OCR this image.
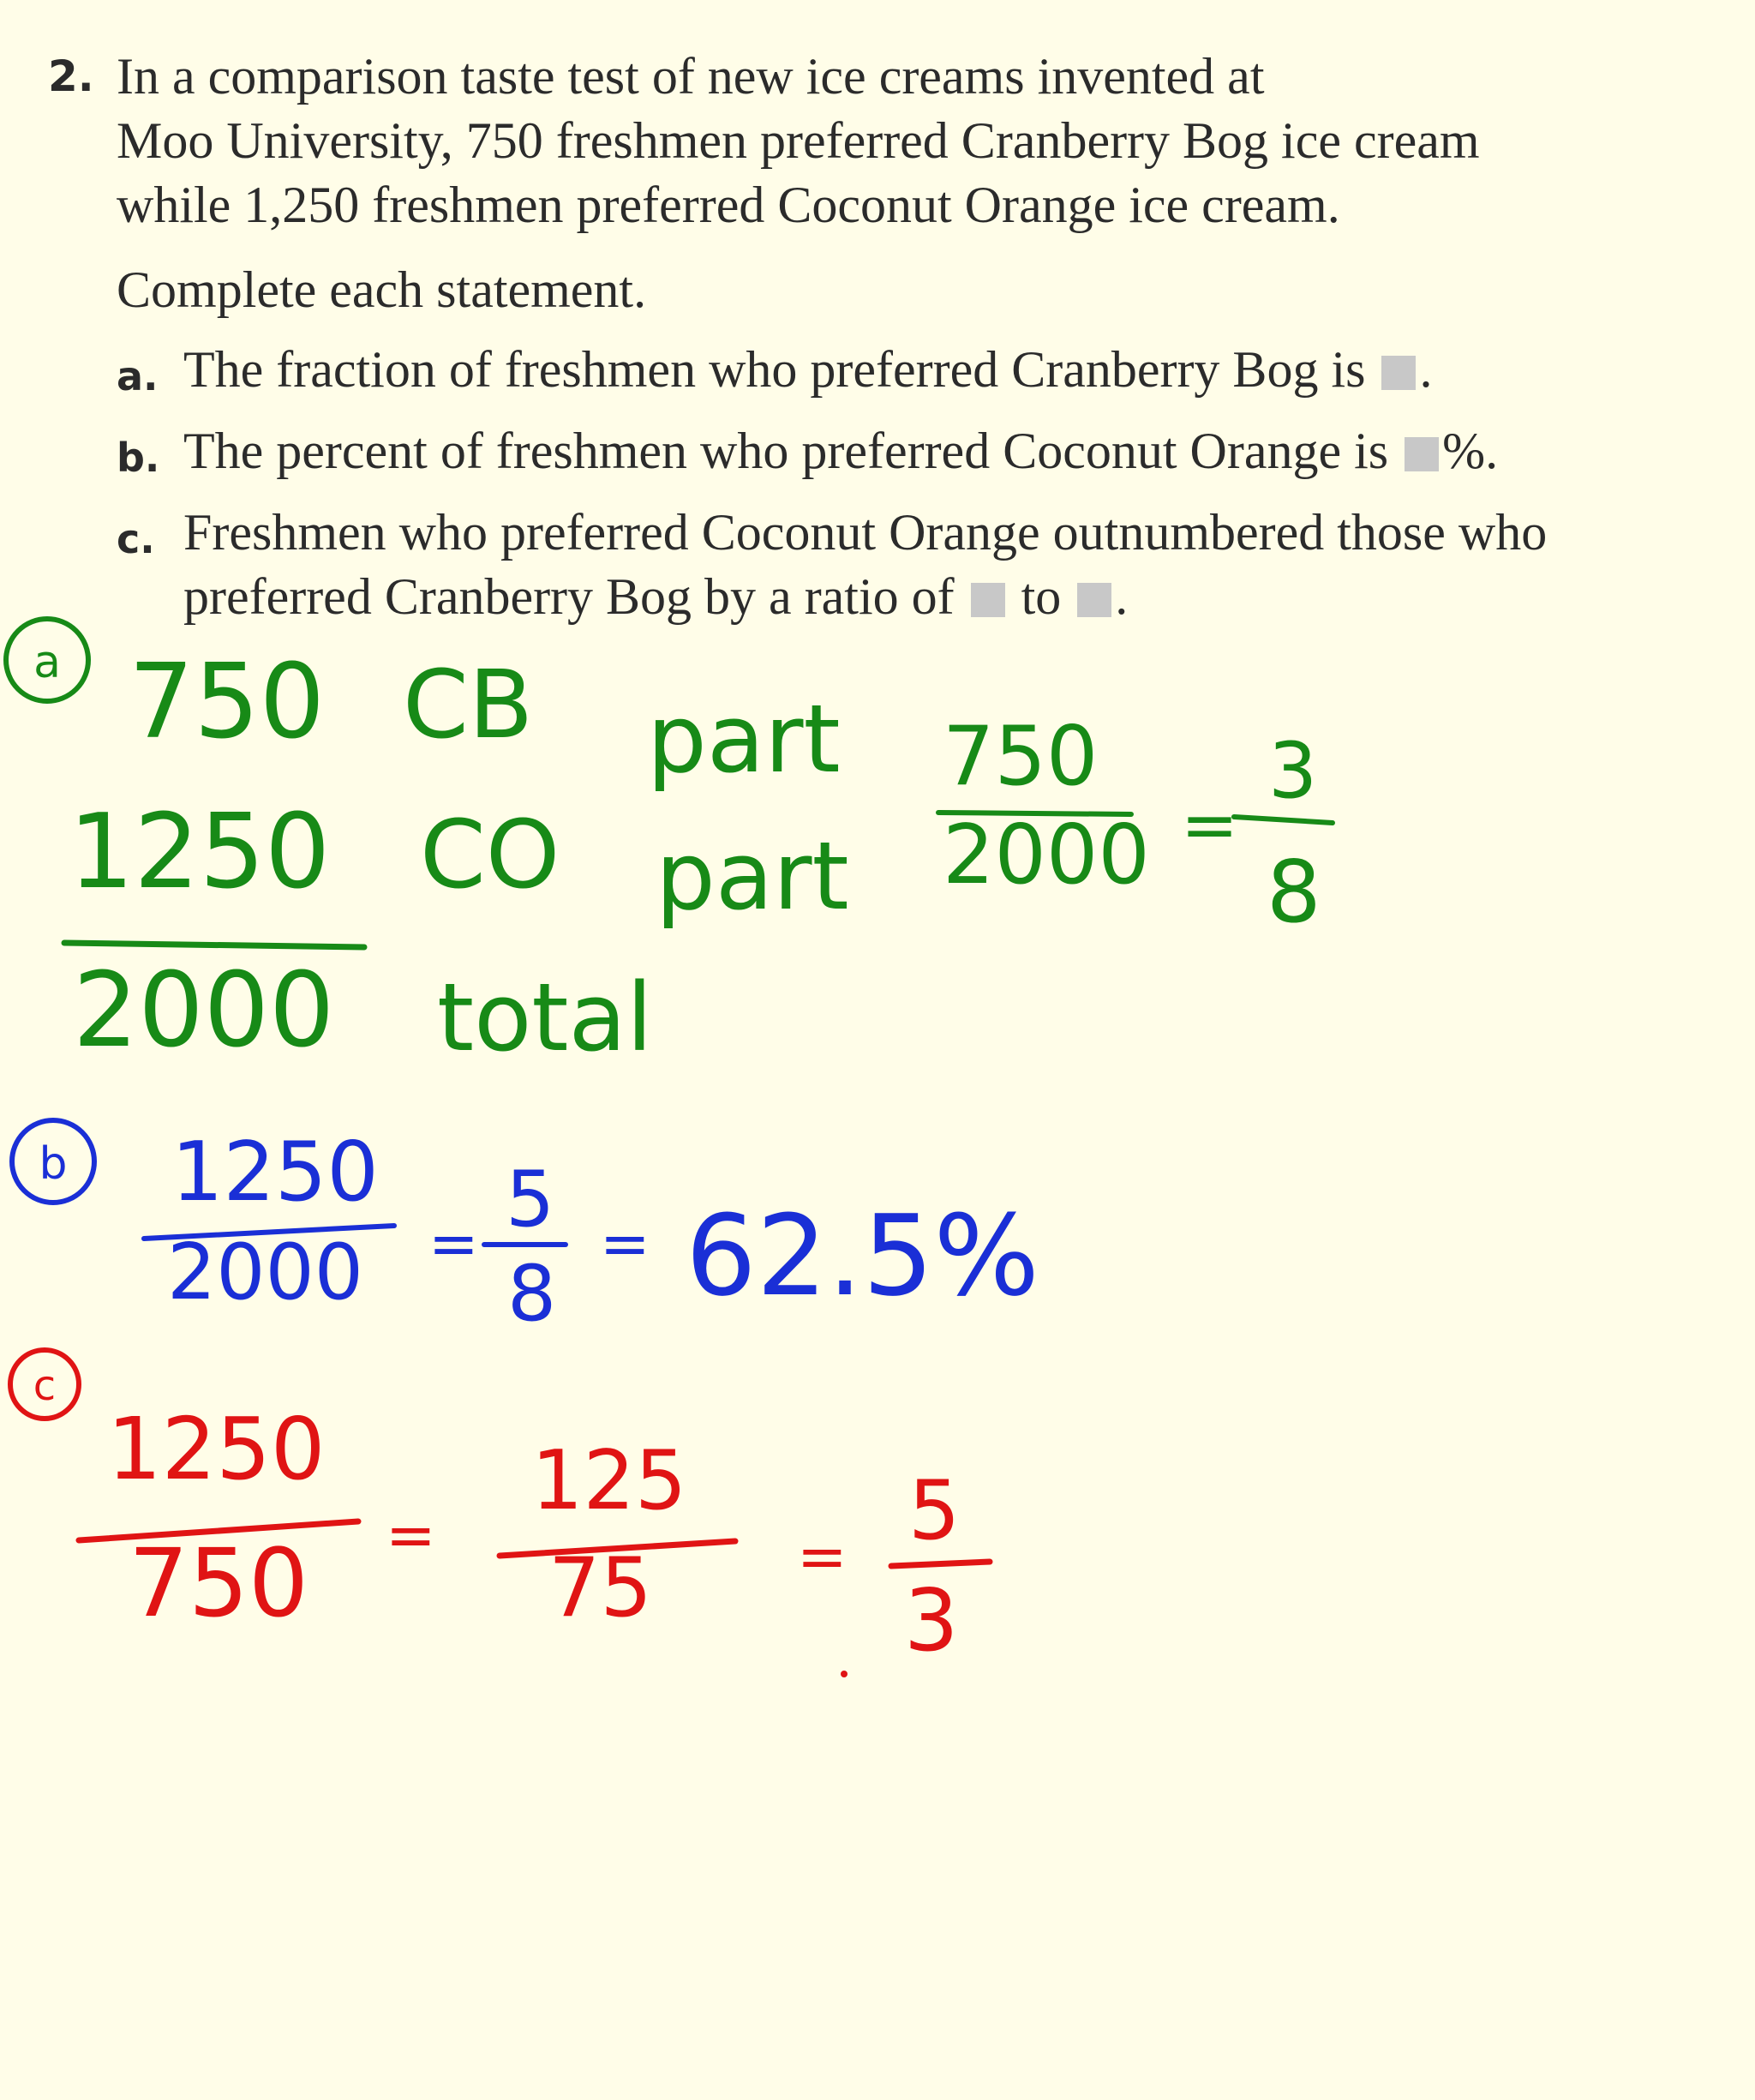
2. In a comparison taste test of new ice creams invented at
Moo University, 750 freshmen preferred Cranberry Bog ice cream
while 1,250 freshmen preferred Coconut Orange ice cream.
Complete each statement.
a. The fraction of freshmen who preferred Cranberry Bog is .
b. The percent of freshmen who preferred Coconut Orange is %.
c. Freshmen who preferred Coconut Orange outnumbered those who
preferred Cranberry Bog by a ratio of  to .
a 750 CB part
1250 CO part
2000 total
750
2000 =
3
8
b 1250
2000 = 5
8
= 62.5%
c
1250
750 =
125
75 = 5
3
